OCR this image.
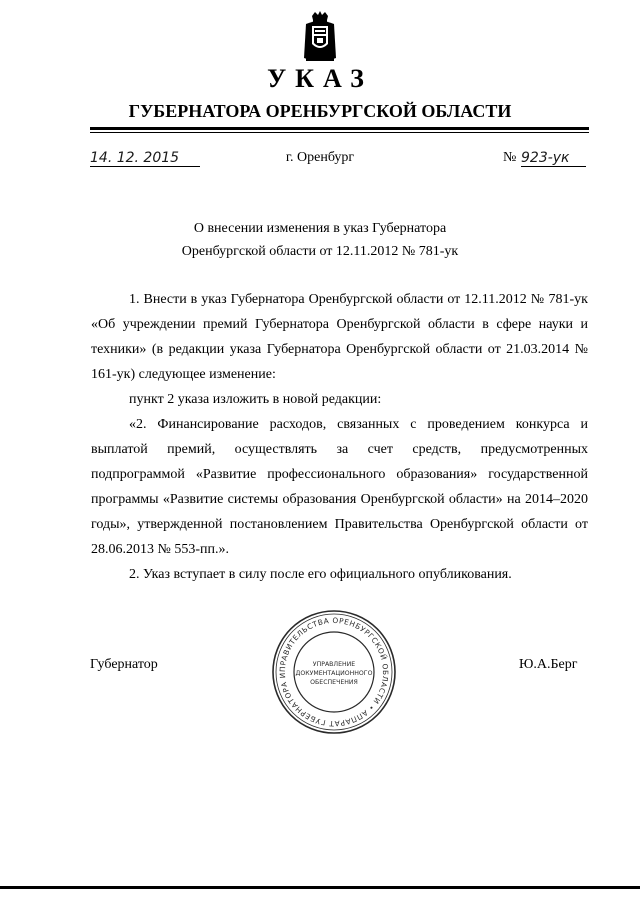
УКАЗ
ГУБЕРНАТОРА ОРЕНБУРГСКОЙ ОБЛАСТИ
14. 12. 2015	г. Оренбург	№ 923-ук
О внесении изменения в указ Губернатора
Оренбургской области от 12.11.2012 № 781-ук

1. Внести в указ Губернатора Оренбургской области от 12.11.2012 № 781-ук «Об учреждении премий Губернатора Оренбургской области в сфере науки и техники» (в редакции указа Губернатора Оренбургской области от 21.03.2014 № 161-ук) следующее изменение:

пункт 2 указа изложить в новой редакции:

«2. Финансирование расходов, связанных с проведением конкурса и выплатой премий, осуществлять за счет средств, предусмотренных подпрограммой «Развитие профессионального образования» государственной программы «Развитие системы образования Оренбургской области» на 2014–2020 годы», утвержденной постановлением Правительства Оренбургской области от 28.06.2013 № 553-пп.».

2. Указ вступает в силу после его официального опубликования.

Губернатор	Ю.А.Берг
ПРАВИТЕЛЬСТВА ОРЕНБУРГСКОЙ ОБЛАСТИ • АППАРАТ ГУБЕРНАТОРА И
УПРАВЛЕНИЕ
ДОКУМЕНТАЦИОННОГО
ОБЕСПЕЧЕНИЯ
